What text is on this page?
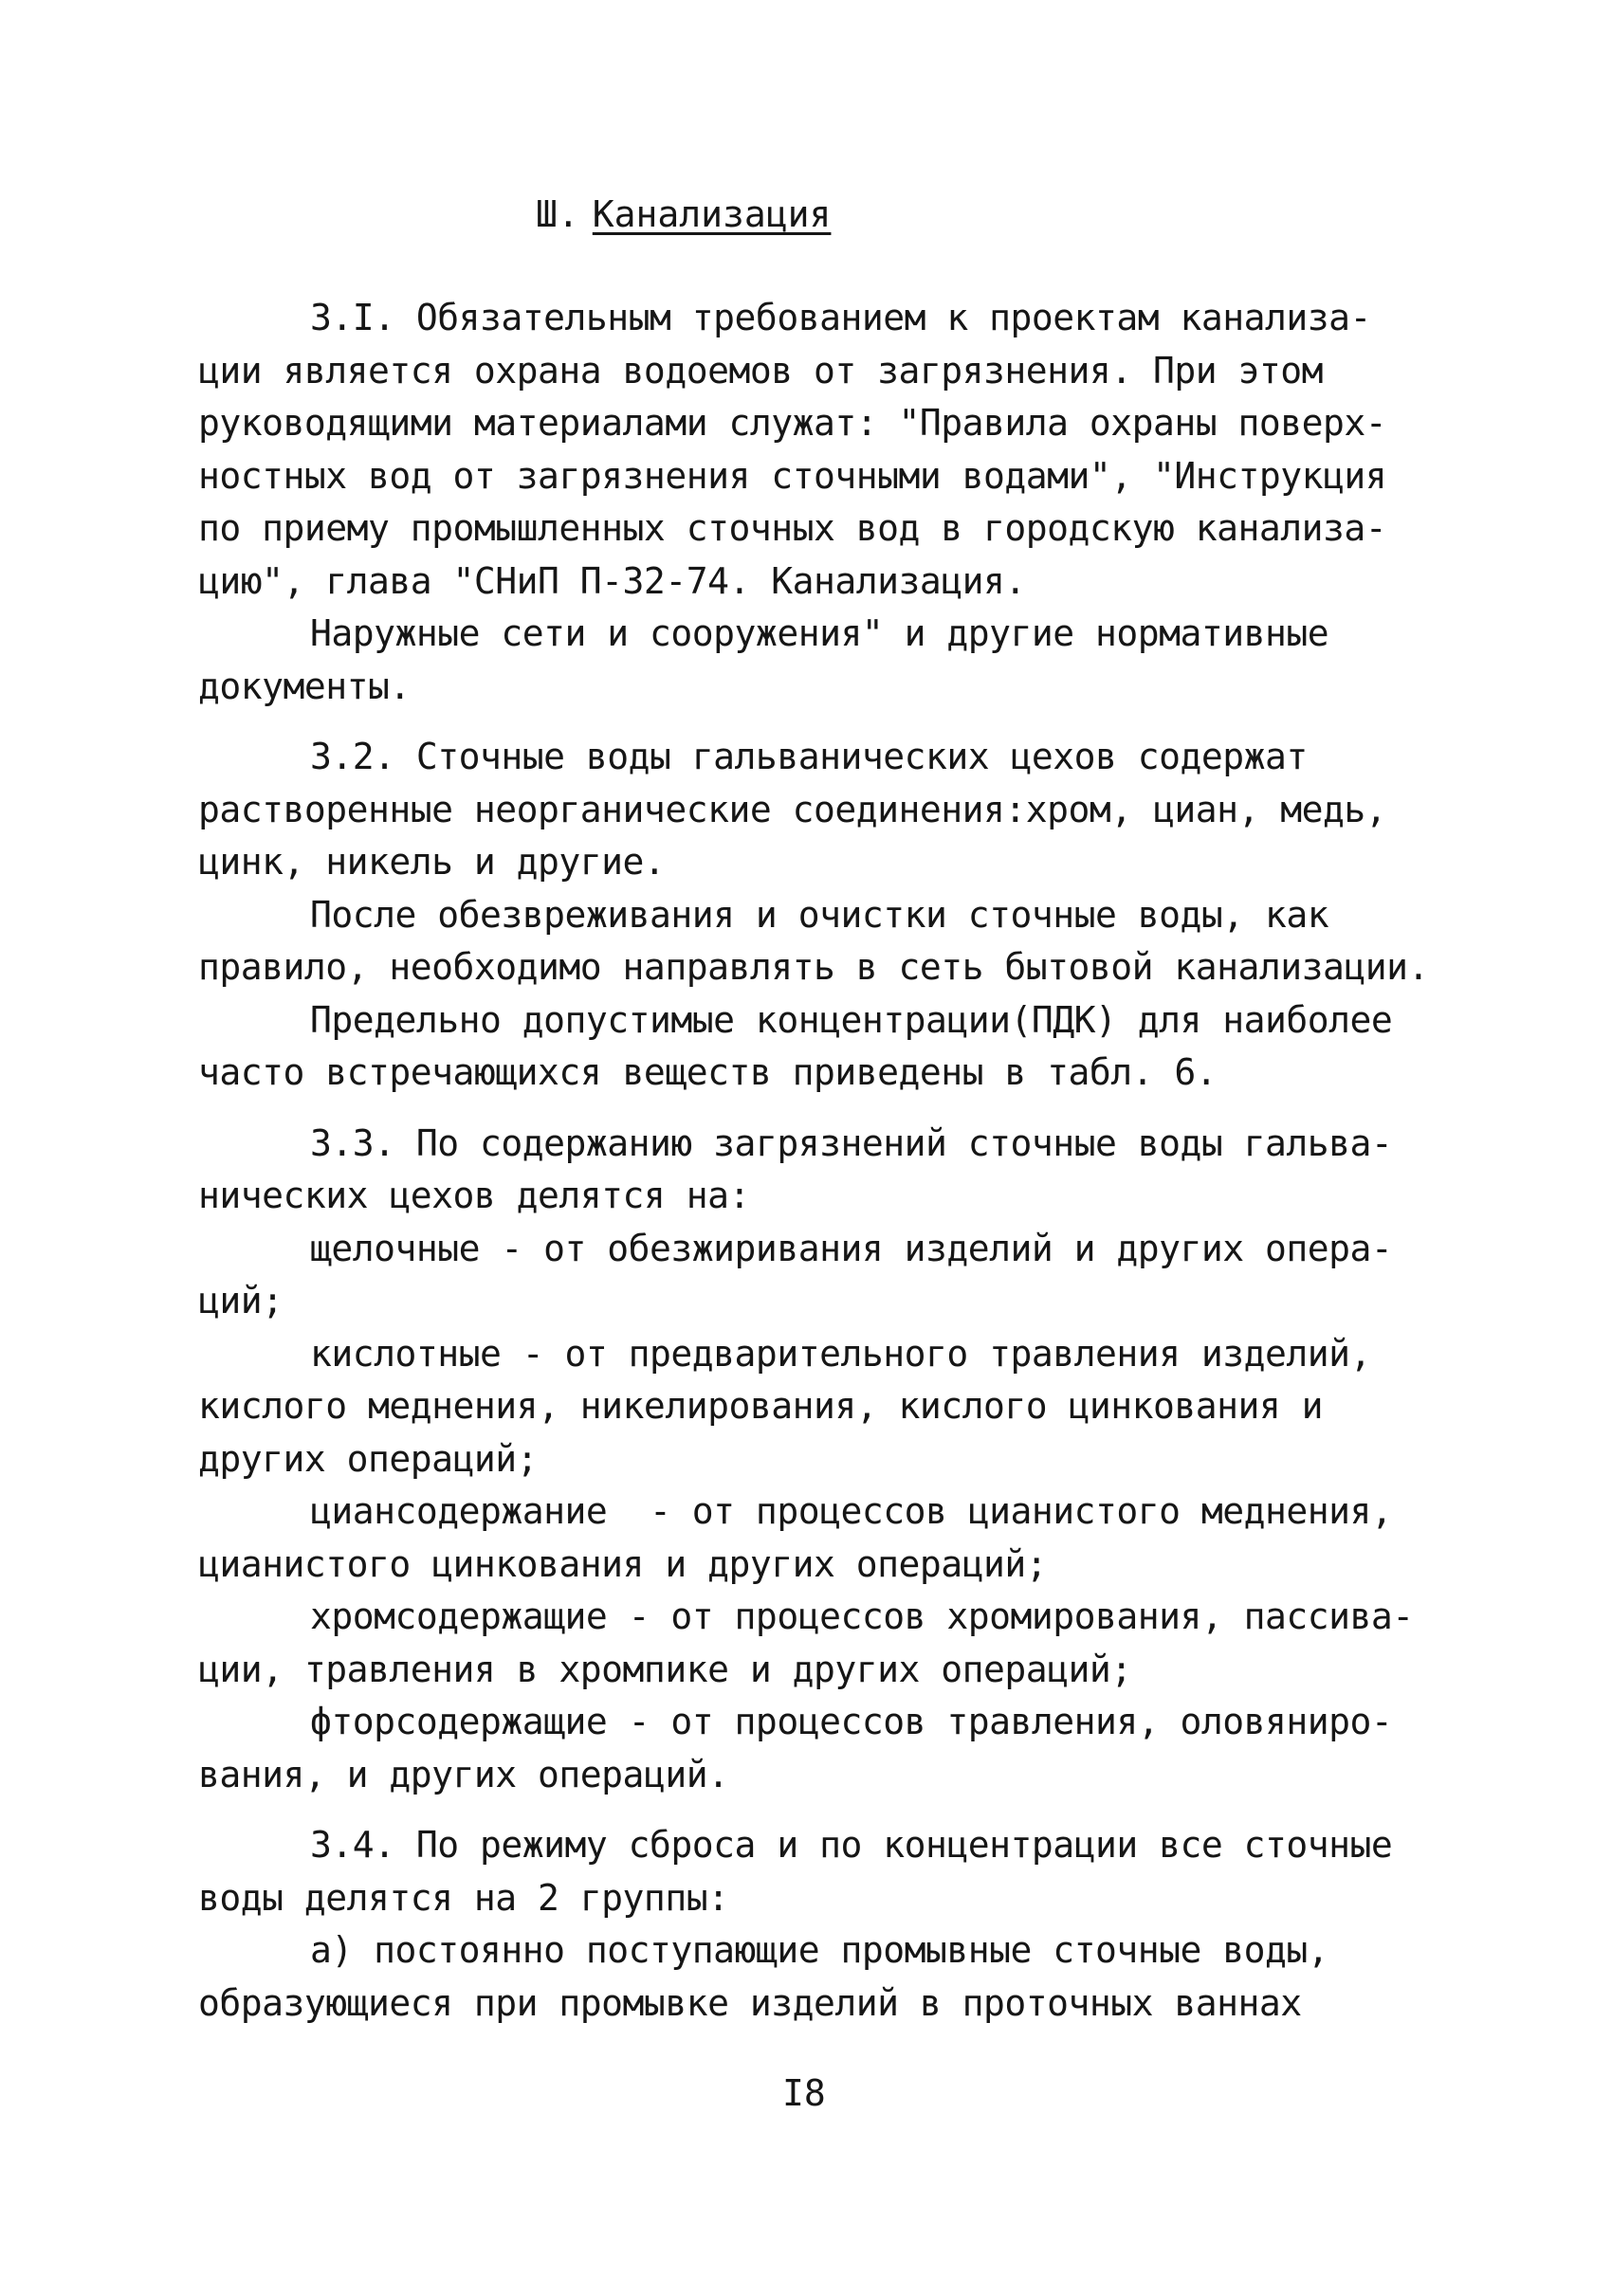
Ш. Канализация

3.I. Обязательным требованием к проектам канализа-

ции является охрана водоемов от загрязнения. При этом

руководящими материалами служат: "Правила охраны поверх-

ностных вод от загрязнения сточными водами", "Инструкция

по приему промышленных сточных вод в городскую канализа-

цию", глава "СНиП П-32-74. Канализация.

Наружные сети и сооружения" и другие нормативные

документы.

3.2. Сточные воды гальванических цехов содержат

растворенные неорганические соединения:хром, циан, медь,

цинк, никель и другие.

После обезвреживания и очистки сточные воды, как

правило, необходимо направлять в сеть бытовой канализации.

Предельно допустимые концентрации(ПДК) для наиболее

часто встречающихся веществ приведены в табл. 6.

3.3. По содержанию загрязнений сточные воды гальва-

нических цехов делятся на:

щелочные - от обезжиривания изделий и других опера-

ций;

кислотные - от предварительного травления изделий,

кислого меднения, никелирования, кислого цинкования и

других операций;

циансодержание  - от процессов цианистого меднения,

цианистого цинкования и других операций;

хромсодержащие - от процессов хромирования, пассива-

ции, травления в хромпике и других операций;

фторсодержащие - от процессов травления, оловяниро-

вания, и других операций.

3.4. По режиму сброса и по концентрации все сточные

воды делятся на 2 группы:

а) постоянно поступающие промывные сточные воды,

образующиеся при промывке изделий в проточных ваннах

I8
